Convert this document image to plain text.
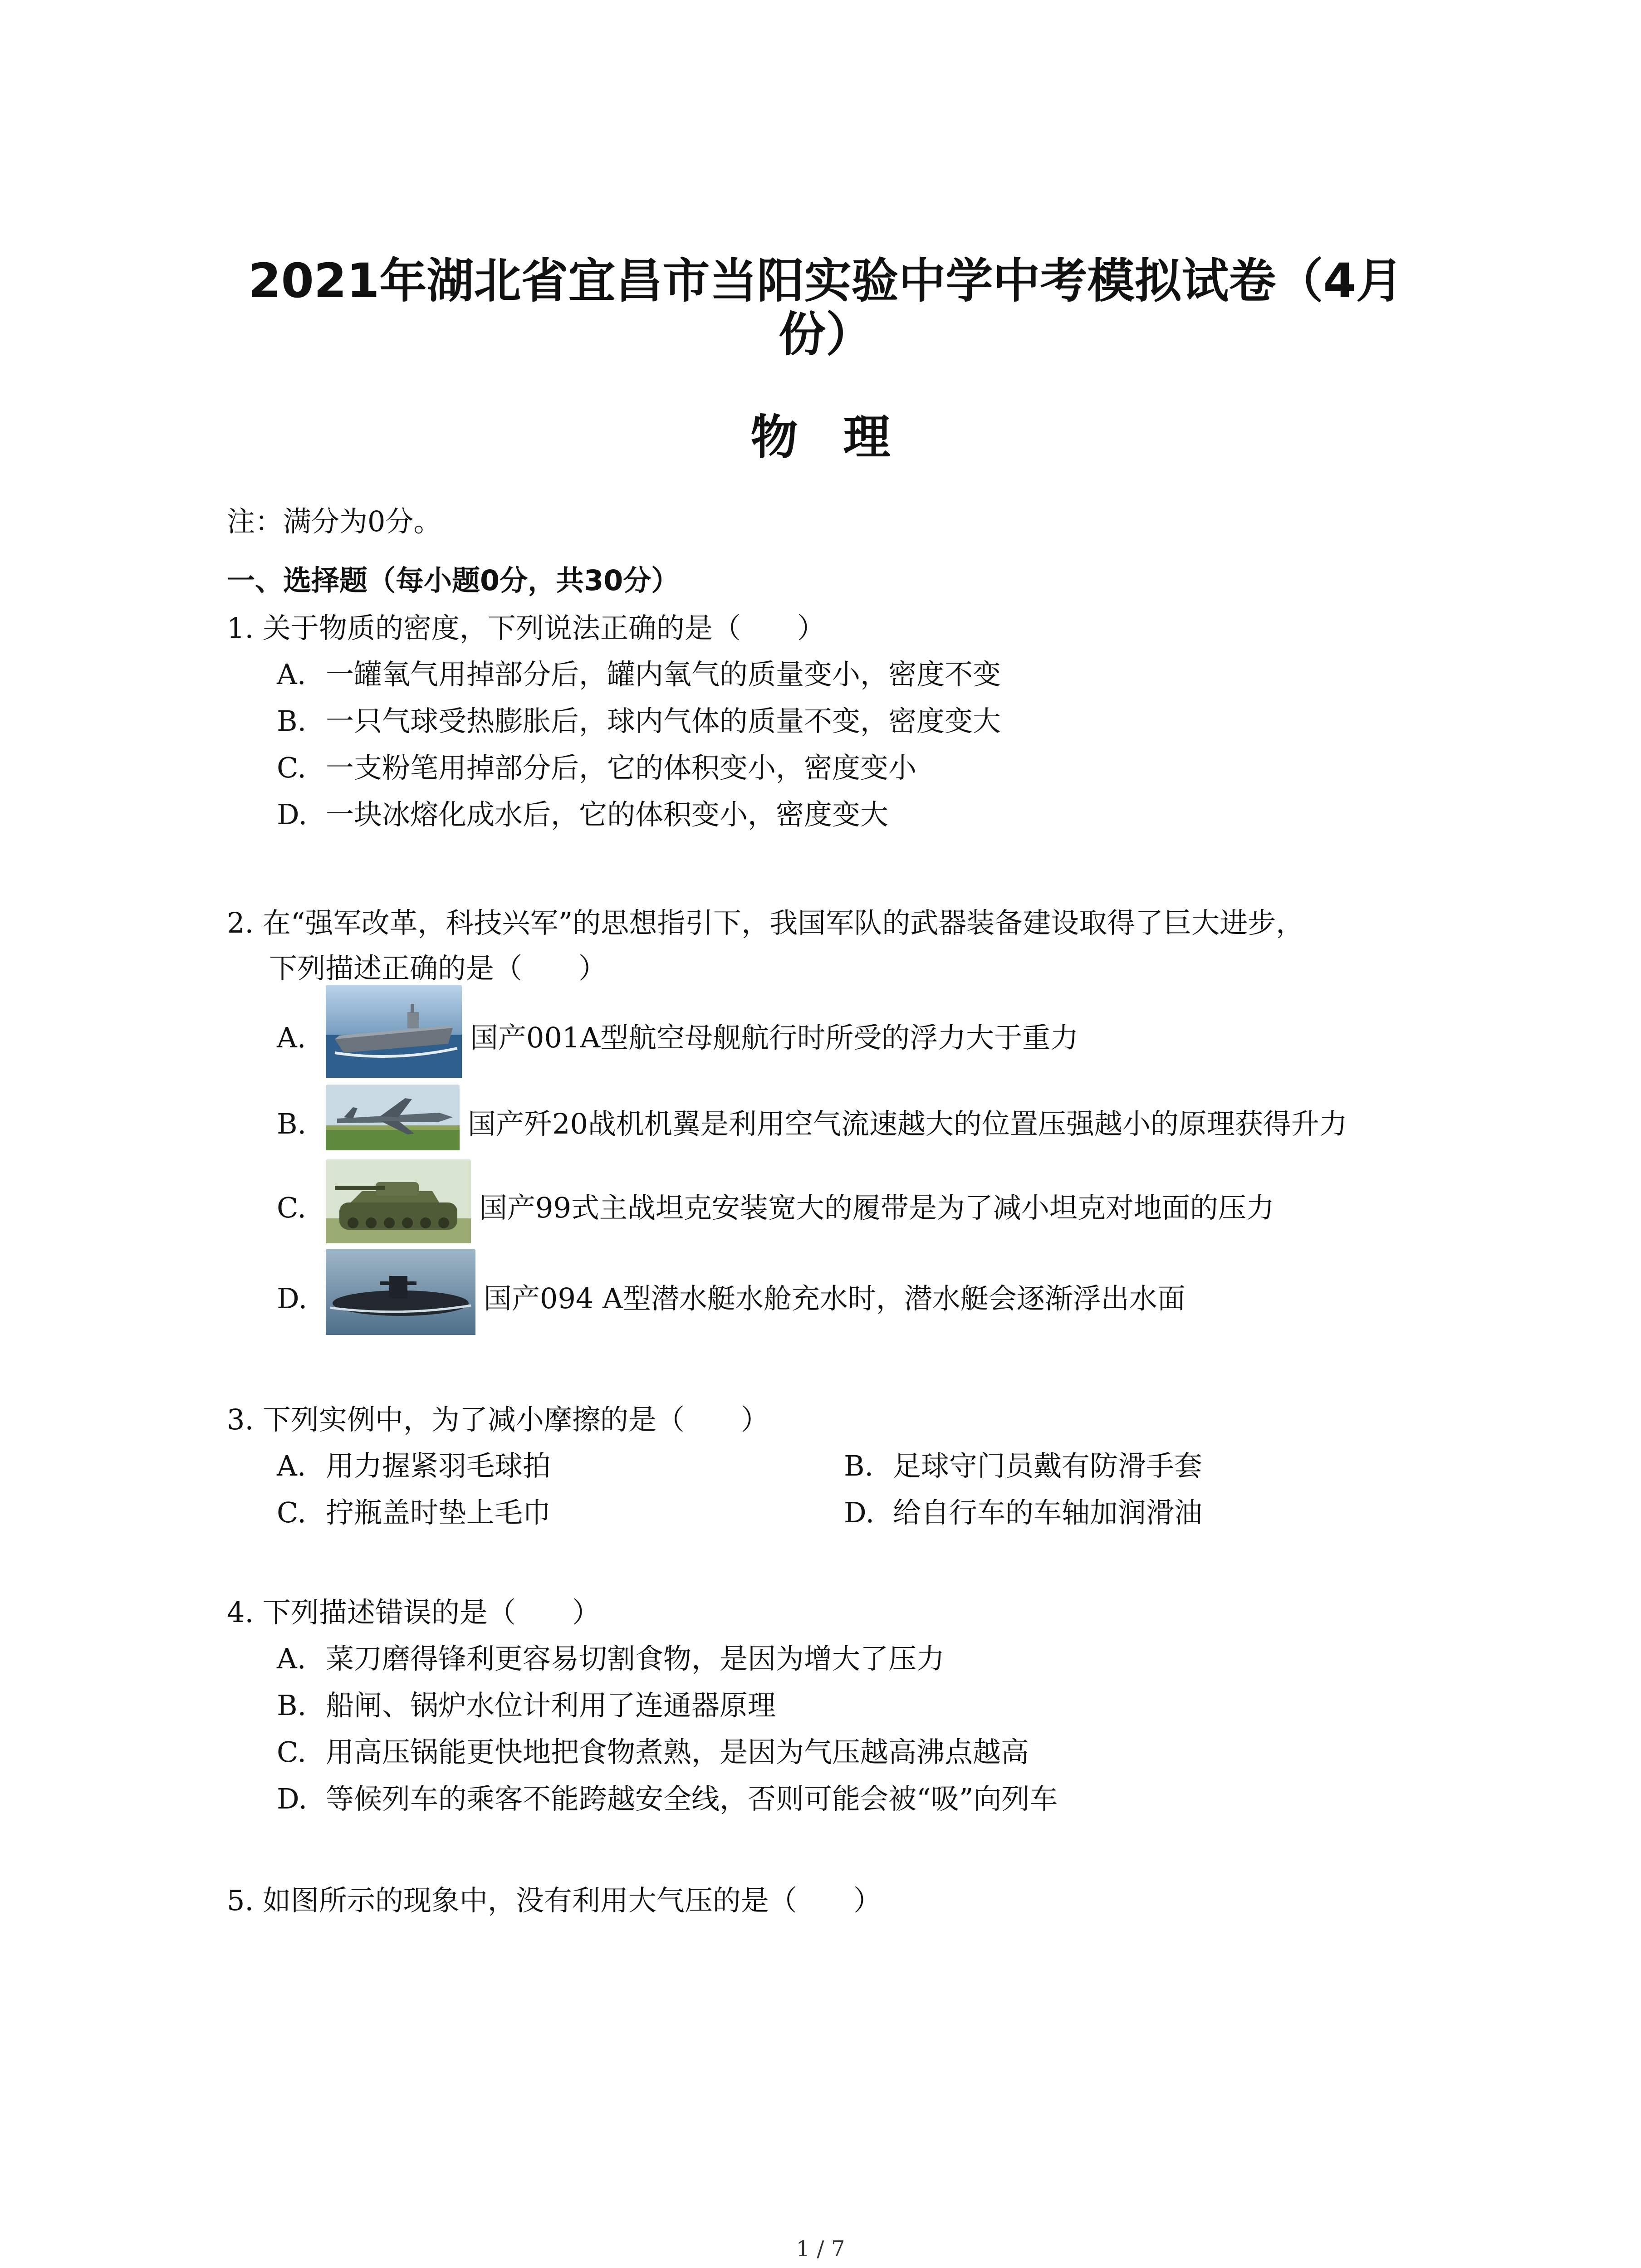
2021年湖北省宜昌市当阳实验中学中考模拟试卷（4月份）
物理
注：满分为0分。
一、选择题（每小题0分，共30分）
1. 关于物质的密度，下列说法正确的是（　　）
A. 一罐氧气用掉部分后，罐内氧气的质量变小，密度不变
B. 一只气球受热膨胀后，球内气体的质量不变，密度变大
C. 一支粉笔用掉部分后，它的体积变小，密度变小
D. 一块冰熔化成水后，它的体积变小，密度变大
2. 在“强军改革，科技兴军”的思想指引下，我国军队的武器装备建设取得了巨大进步，
下列描述正确的是（　　）
A.	国产001A型航空母舰航行时所受的浮力大于重力
B.	国产歼20战机机翼是利用空气流速越大的位置压强越小的原理获得升力
C.	国产99式主战坦克安装宽大的履带是为了减小坦克对地面的压力
D.	国产094 A型潜水艇水舱充水时，潜水艇会逐渐浮出水面
3. 下列实例中，为了减小摩擦的是（　　）
A. 用力握紧羽毛球拍	B. 足球守门员戴有防滑手套
C. 拧瓶盖时垫上毛巾	D. 给自行车的车轴加润滑油
4. 下列描述错误的是（　　）
A. 菜刀磨得锋利更容易切割食物，是因为增大了压力
B. 船闸、锅炉水位计利用了连通器原理
C. 用高压锅能更快地把食物煮熟，是因为气压越高沸点越高
D. 等候列车的乘客不能跨越安全线，否则可能会被“吸”向列车
5. 如图所示的现象中，没有利用大气压的是（　　）
1 / 7
